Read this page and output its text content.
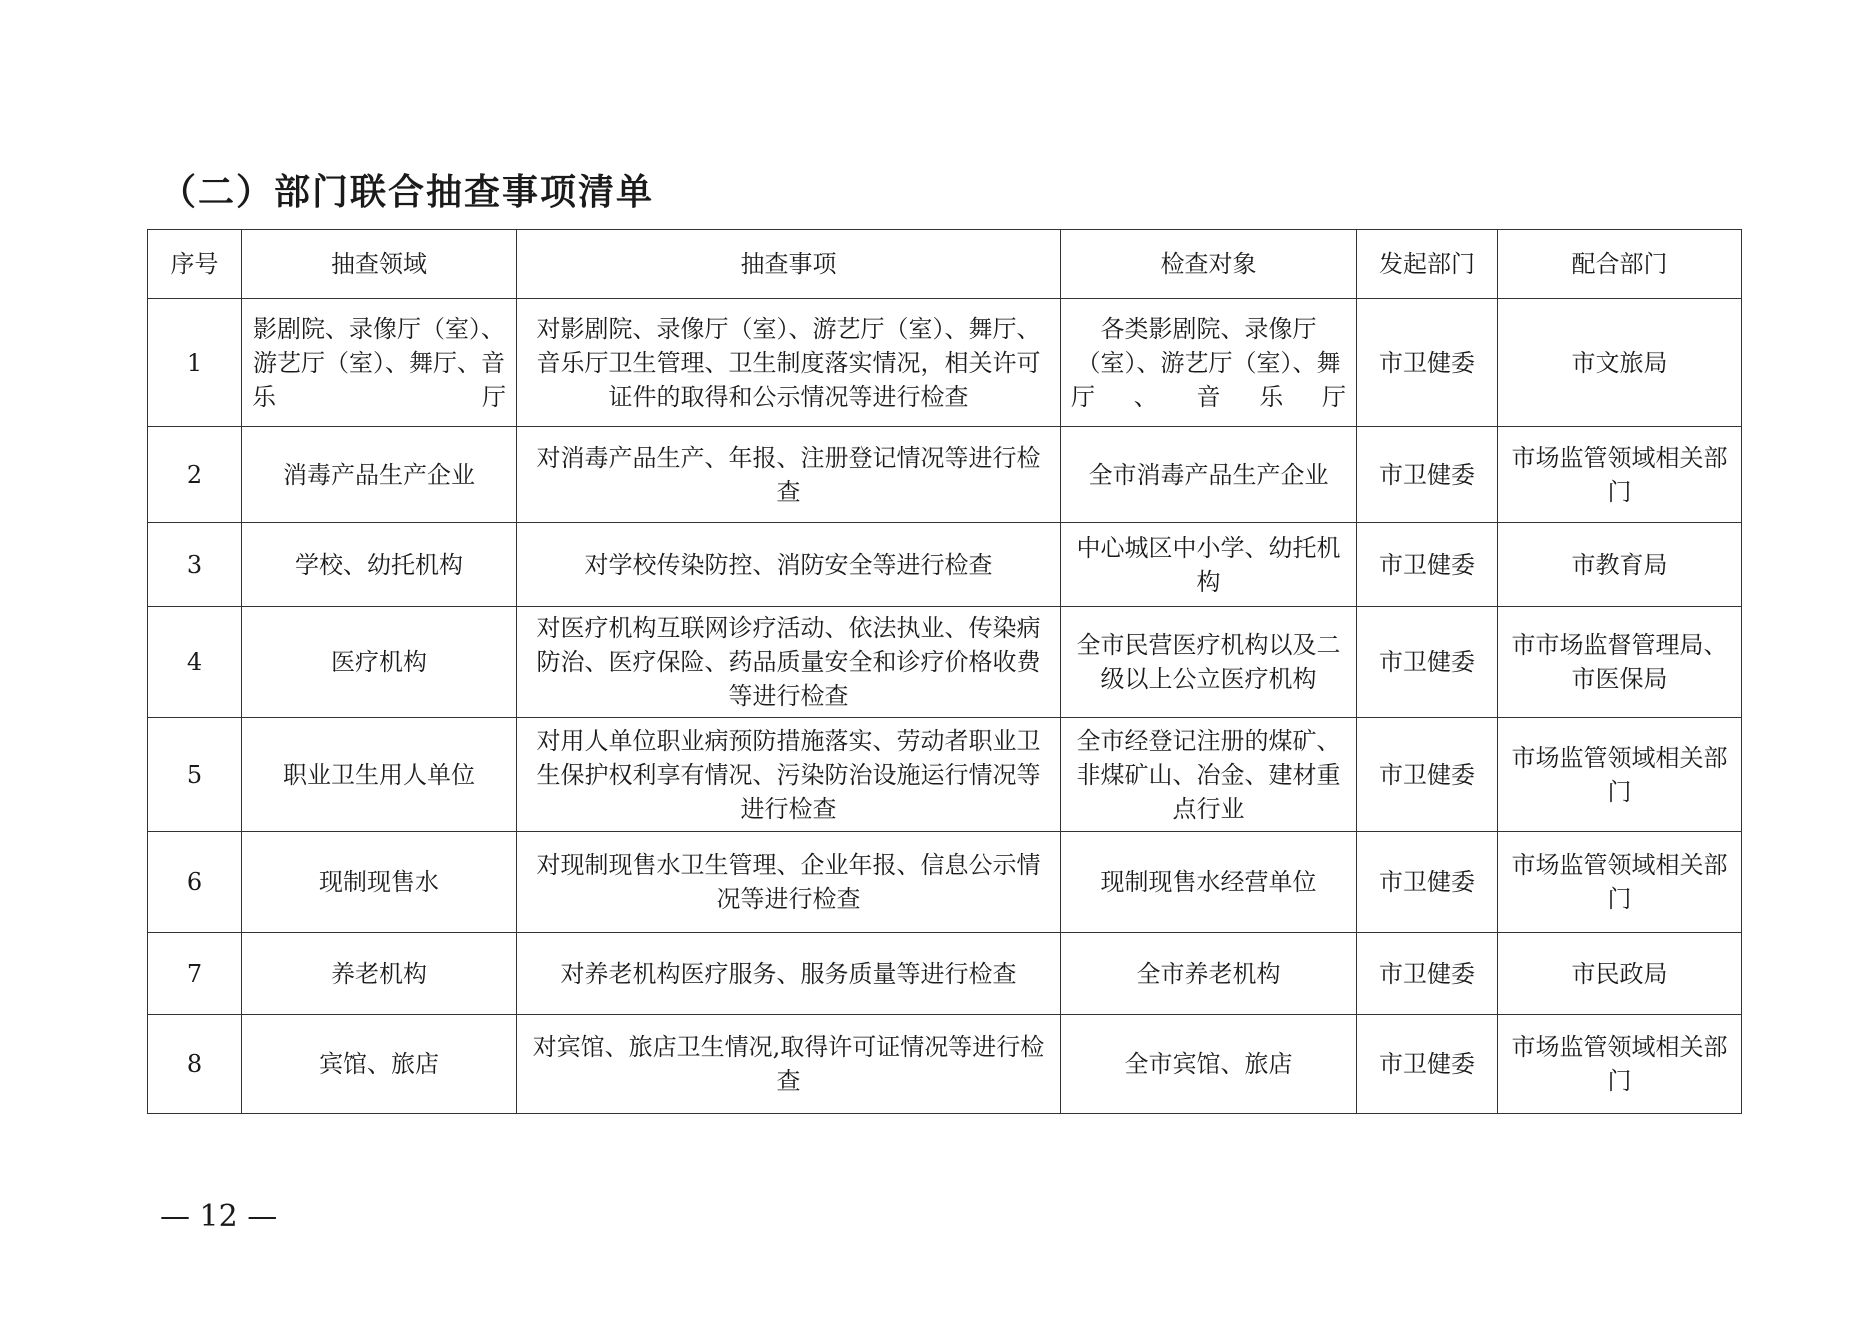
（二）部门联合抽查事项清单
序号	抽查领域	抽查事项	检查对象	发起部门	配合部门
1	影剧院、录像厅（室）、游艺厅（室）、舞厅、音乐厅	对影剧院、录像厅（室）、游艺厅（室）、舞厅、音乐厅卫生管理、卫生制度落实情况，相关许可证件的取得和公示情况等进行检查	各类影剧院、录像厅（室）、游艺厅（室）、舞厅、音乐厅	市卫健委	市文旅局
2	消毒产品生产企业	对消毒产品生产、年报、注册登记情况等进行检查	全市消毒产品生产企业	市卫健委	市场监管领域相关部门
3	学校、幼托机构	对学校传染防控、消防安全等进行检查	中心城区中小学、幼托机构	市卫健委	市教育局
4	医疗机构	对医疗机构互联网诊疗活动、依法执业、传染病防治、医疗保险、药品质量安全和诊疗价格收费等进行检查	全市民营医疗机构以及二级以上公立医疗机构	市卫健委	市市场监督管理局、市医保局
5	职业卫生用人单位	对用人单位职业病预防措施落实、劳动者职业卫生保护权利享有情况、污染防治设施运行情况等进行检查	全市经登记注册的煤矿、非煤矿山、冶金、建材重点行业	市卫健委	市场监管领域相关部门
6	现制现售水	对现制现售水卫生管理、企业年报、信息公示情况等进行检查	现制现售水经营单位	市卫健委	市场监管领域相关部门
7	养老机构	对养老机构医疗服务、服务质量等进行检查	全市养老机构	市卫健委	市民政局
8	宾馆、旅店	对宾馆、旅店卫生情况,取得许可证情况等进行检查	全市宾馆、旅店	市卫健委	市场监管领域相关部门
— 12 —
